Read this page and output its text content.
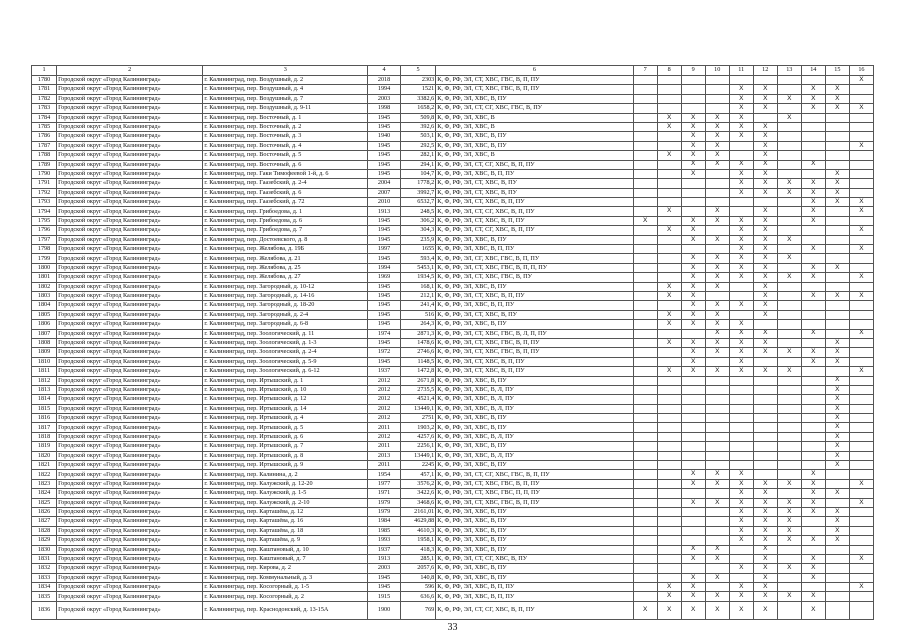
1	2	3	4	5	6	7	8	9	10	11	12	13	14	15	16
1780	Городской округ «Город Калининград»	г. Калининград, пер. Воздушный, д. 2	2018	2303	К, Ф, РФ, ЭЛ, СТ, ХВС, ГВС, В, П, ПУ										X
1781	Городской округ «Город Калининград»	г. Калининград, пер. Воздушный, д. 4	1994	1521	К, Ф, РФ, ЭЛ, СТ, ХВС, ГВС, В, П, ПУ					X	X		X	X	
1782	Городской округ «Город Калининград»	г. Калининград, пер. Воздушный, д. 7	2003	3382,6	К, Ф, РФ, ЭЛ, ХВС, В, ПУ					X	X	X	X	X	
1783	Городской округ «Город Калининград»	г. Калининград, пер. Воздушный, д. 9-11	1998	1658,2	К, Ф, РФ, ЭЛ, СТ, СГ, ХВС, ГВС, В, ПУ					X	X		X	X	X
1784	Городской округ «Город Калининград»	г. Калининград, пер. Восточный, д. 1	1945	509,8	К, Ф, РФ, ЭЛ, ХВС, В		X	X	X	X		X			
1785	Городской округ «Город Калининград»	г. Калининград, пер. Восточный, д. 2	1945	392,6	К, Ф, РФ, ЭЛ, ХВС, В		X	X	X	X	X				
1786	Городской округ «Город Калининград»	г. Калининград, пер. Восточный, д. 3	1940	503,1	К, Ф, РФ, ЭЛ, ХВС, В, ПУ			X	X	X	X				
1787	Городской округ «Город Калининград»	г. Калининград, пер. Восточный, д. 4	1945	292,5	К, Ф, РФ, ЭЛ, ХВС, В, ПУ			X	X		X				X
1788	Городской округ «Город Калининград»	г. Калининград, пер. Восточный, д. 5	1945	282,1	К, Ф, РФ, ЭЛ, ХВС, В		X	X	X		X				
1789	Городской округ «Город Калининград»	г. Калининград, пер. Восточный, д. 6	1945	294,1	К, Ф, РФ, ЭЛ, СТ, СГ, ХВС, В, П, ПУ			X	X	X	X		X		
1790	Городской округ «Город Калининград»	г. Калининград, пер. Гаки Тимофеевой 1-й, д. 6	1945	104,7	К, Ф, РФ, ЭЛ, ХВС, В, П, ПУ			X		X	X			X	
1791	Городской округ «Город Калининград»	г. Калининград, пер. Гаазебский, д. 2-4	2004	1778,2	К, Ф, РФ, ЭЛ, СТ, ХВС, В, ПУ					X	X	X	X	X	
1792	Городской округ «Город Калининград»	г. Калининград, пер. Гаазебский, д. 6	2007	3992,7	К, Ф, РФ, ЭЛ, СТ, ХВС, В, ПУ					X	X	X	X	X	
1793	Городской округ «Город Калининград»	г. Калининград, пер. Гаазебский, д. 72	2010	6532,7	К, Ф, РФ, ЭЛ, СТ, ХВС, В, П, ПУ								X	X	X
1794	Городской округ «Город Калининград»	г. Калининград, пер. Грибоедова, д. 1	1913	248,5	К, Ф, РФ, ЭЛ, СТ, СГ, ХВС, В, П, ПУ		X		X		X		X		X
1795	Городской округ «Город Калининград»	г. Калининград, пер. Грибоедова, д. 6	1945	306,2	К, Ф, РФ, ЭЛ, СТ, ХВС, В, П, ПУ	X		X	X	X	X		X		
1796	Городской округ «Город Калининград»	г. Калининград, пер. Грибоедова, д. 7	1945	304,3	К, Ф, РФ, ЭЛ, СТ, СГ, ХВС, В, П, ПУ		X	X		X	X				X
1797	Городской округ «Город Калининград»	г. Калининград, пер. Достоевского, д. 8	1945	235,9	К, Ф, РФ, ЭЛ, ХВС, В, ПУ			X	X	X	X	X			
1798	Городской округ «Город Калининград»	г. Калининград, пер. Желябова, д. 19Б	1997	1655	К, Ф, РФ, ЭЛ, ХВС, В, П, ПУ					X	X		X		X
1799	Городской округ «Город Калининград»	г. Калининград, пер. Желябова, д. 21	1945	593,4	К, Ф, РФ, ЭЛ, СГ, ХВС, ГВС, В, П, ПУ			X	X	X	X	X			
1800	Городской округ «Город Калининград»	г. Калининград, пер. Желябова, д. 25	1994	5453,1	К, Ф, РФ, ЭЛ, СТ, ХВС, ГВС, В, П, П, ПУ			X	X	X	X		X	X	
1801	Городской округ «Город Калининград»	г. Калининград, пер. Желябова, д. 27	1969	1934,5	К, Ф, РФ, ЭЛ, СТ, ХВС, ГВС, В, ПУ			X	X	X	X	X	X		X
1802	Городской округ «Город Калининград»	г. Калининград, пер. Загородный, д. 10-12	1945	168,1	К, Ф, РФ, ЭЛ, ХВС, В, ПУ		X	X	X		X				
1803	Городской округ «Город Калининград»	г. Калининград, пер. Загородный, д. 14-16	1945	212,1	К, Ф, РФ, ЭЛ, СТ, ХВС, В, П, ПУ		X	X			X		X	X	X
1804	Городской округ «Город Калининград»	г. Калининград, пер. Загородный, д. 18-20	1945	241,4	К, Ф, РФ, ЭЛ, ХВС, В, П, ПУ			X	X	X	X				
1805	Городской округ «Город Калининград»	г. Калининград, пер. Загородный, д. 2-4	1945	516	К, Ф, РФ, ЭЛ, СТ, ХВС, В, ПУ		X	X	X		X				
1806	Городской округ «Город Калининград»	г. Калининград, пер. Загородный, д. 6-8	1945	264,3	К, Ф, РФ, ЭЛ, ХВС, В, ПУ		X	X	X	X					
1807	Городской округ «Город Калининград»	г. Калининград, пер. Зоологический, д. 11	1974	2871,3	К, Ф, РФ, ЭЛ, СТ, ХВС, ГВС, В, Л, П, ПУ				X	X	X		X		X
1808	Городской округ «Город Калининград»	г. Калининград, пер. Зоологический, д. 1-3	1945	1478,6	К, Ф, РФ, ЭЛ, СТ, ХВС, ГВС, В, П, ПУ		X	X	X	X	X			X	
1809	Городской округ «Город Калининград»	г. Калининград, пер. Зоологический, д. 2-4	1972	2746,6	К, Ф, РФ, ЭЛ, СТ, ХВС, ГВС, В, П, ПУ			X	X	X	X	X	X	X	
1810	Городской округ «Город Калининград»	г. Калининград, пер. Зоологический, д. 5-9	1945	1148,5	К, Ф, РФ, ЭЛ, СТ, ХВС, В, П, ПУ			X		X			X	X	
1811	Городской округ «Город Калининград»	г. Калининград, пер. Зоологический, д. 6-12	1937	1472,8	К, Ф, РФ, ЭЛ, СТ, ХВС, В, П, ПУ		X	X	X	X	X	X			X
1812	Городской округ «Город Калининград»	г. Калининград, пер. Иртышский, д. 1	2012	2671,8	К, Ф, РФ, ЭЛ, ХВС, В, ПУ									X	
1813	Городской округ «Город Калининград»	г. Калининград, пер. Иртышский, д. 10	2012	2735,5	К, Ф, РФ, ЭЛ, ХВС, В, Л, ПУ									X	
1814	Городской округ «Город Калининград»	г. Калининград, пер. Иртышский, д. 12	2012	4521,4	К, Ф, РФ, ЭЛ, ХВС, В, Л, ПУ									X	
1815	Городской округ «Город Калининград»	г. Калининград, пер. Иртышский, д. 14	2012	13449,1	К, Ф, РФ, ЭЛ, ХВС, В, Л, ПУ									X	
1816	Городской округ «Город Калининград»	г. Калининград, пер. Иртышский, д. 4	2012	2751	К, Ф, РФ, ЭЛ, ХВС, В, ПУ									X	
1817	Городской округ «Город Калининград»	г. Калининград, пер. Иртышский, д. 5	2011	1903,2	К, Ф, РФ, ЭЛ, ХВС, В, ПУ									X	
1818	Городской округ «Город Калининград»	г. Калининград, пер. Иртышский, д. 6	2012	4257,6	К, Ф, РФ, ЭЛ, ХВС, В, Л, ПУ									X	
1819	Городской округ «Город Калининград»	г. Калининград, пер. Иртышский, д. 7	2011	2256,1	К, Ф, РФ, ЭЛ, ХВС, В, ПУ									X	
1820	Городской округ «Город Калининград»	г. Калининград, пер. Иртышский, д. 8	2013	13449,1	К, Ф, РФ, ЭЛ, ХВС, В, Л, ПУ									X	
1821	Городской округ «Город Калининград»	г. Калининград, пер. Иртышский, д. 9	2011	2245	К, Ф, РФ, ЭЛ, ХВС, В, ПУ									X	
1822	Городской округ «Город Калининград»	г. Калининград, пер. Калинина, д. 2	1954	457,1	К, Ф, РФ, ЭЛ, СТ, СГ, ХВС, ГВС, В, П, ПУ			X	X	X			X		
1823	Городской округ «Город Калининград»	г. Калининград, пер. Калужский, д. 12-20	1977	3576,2	К, Ф, РФ, ЭЛ, СТ, ХВС, ГВС, В, П, ПУ			X	X	X	X	X	X		X
1824	Городской округ «Город Калининград»	г. Калининград, пер. Калужский, д. 1-5	1971	3422,6	К, Ф, РФ, ЭЛ, СТ, ХВС, ГВС, П, П, ПУ					X	X		X	X	
1825	Городской округ «Город Калининград»	г. Калининград, пер. Калужский, д. 2-10	1979	3468,6	К, Ф, РФ, ЭЛ, СТ, ХВС, ГВС, В, П, ПУ			X	X	X	X	X	X		X
1826	Городской округ «Город Калининград»	г. Калининград, пер. Карташёва, д. 12	1979	2161,01	К, Ф, РФ, ЭЛ, ХВС, В, ПУ					X	X	X	X	X	
1827	Городской округ «Город Калининград»	г. Калининград, пер. Карташёва, д. 16	1984	4629,88	К, Ф, РФ, ЭЛ, ХВС, В, ПУ					X	X	X		X	
1828	Городской округ «Город Калининград»	г. Калининград, пер. Карташёва, д. 18	1985	4610,3	К, Ф, РФ, ЭЛ, ХВС, В, ПУ					X	X	X		X	
1829	Городской округ «Город Калининград»	г. Калининград, пер. Карташёва, д. 9	1993	1958,1	К, Ф, РФ, ЭЛ, ХВС, В, ПУ					X	X	X	X	X	
1830	Городской округ «Город Калининград»	г. Калининград, пер. Каштановый, д. 10	1937	418,3	К, Ф, РФ, ЭЛ, ХВС, В, ПУ			X	X		X				
1831	Городской округ «Город Калининград»	г. Калининград, пер. Каштановый, д. 7	1913	285,1	К, Ф, РФ, ЭЛ, СТ, СГ, ХВС, В, ПУ			X	X		X		X		X
1832	Городской округ «Город Калининград»	г. Калининград, пер. Кирова, д. 2	2003	2057,6	К, Ф, РФ, ЭЛ, ХВС, В, ПУ					X	X	X	X		
1833	Городской округ «Город Калининград»	г. Калининград, пер. Коммунальный, д. 3	1945	140,8	К, Ф, РФ, ЭЛ, ХВС, В, ПУ			X	X		X		X		
1834	Городской округ «Город Калининград»	г. Калининград, пер. Косогорный, д. 1-5	1945	596	К, Ф, РФ, ЭЛ, ХВС, В, П, ПУ		X	X		X	X				X
1835	Городской округ «Город Калининград»	г. Калининград, пер. Косогорный, д. 2	1915	636,6	К, Ф, РФ, ЭЛ, ХВС, В, П, ПУ		X	X	X	X	X	X	X		
1836	Городской округ «Город Калининград»	г. Калининград, пер. Краснодонский, д. 13-15А	1900	769	К, Ф, РФ, ЭЛ, СТ, СГ, ХВС, В, П, ПУ	X	X	X	X	X	X		X		
33
